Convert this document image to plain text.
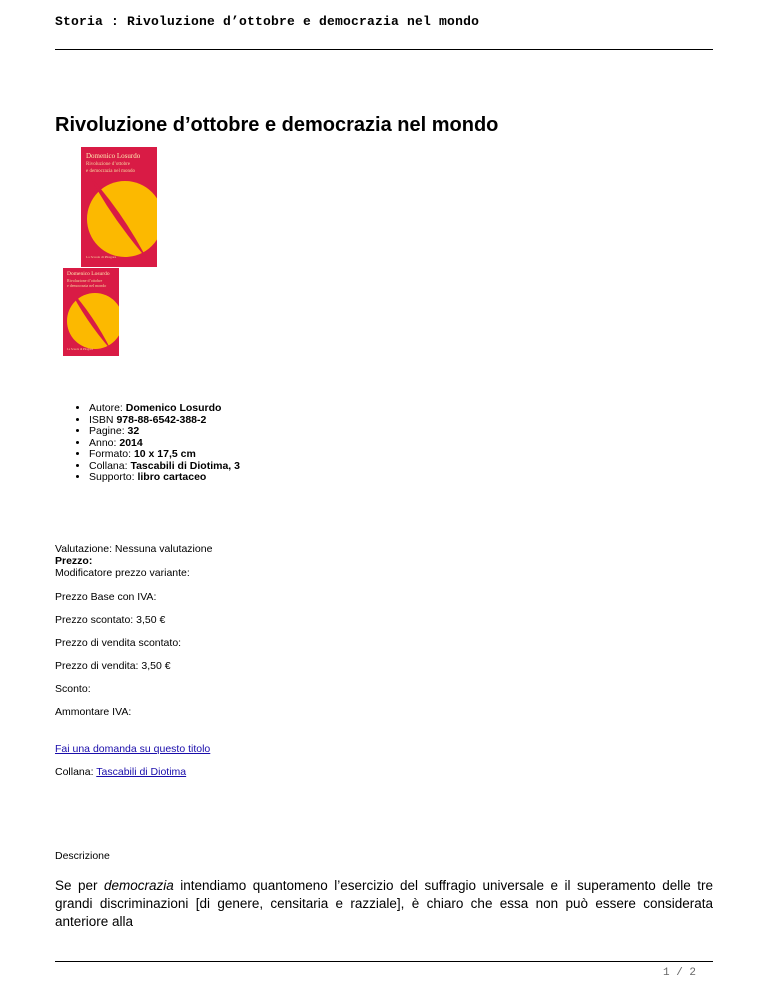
Storia : Rivoluzione d’ottobre e democrazia nel mondo
Rivoluzione d’ottobre e democrazia nel mondo
Domenico Losurdo
Rivoluzione d’ottobre
e democrazia nel mondo
La Scuola di Pitagora
Domenico Losurdo
Rivoluzione d’ottobre
e democrazia nel mondo
La Scuola di Pitagora
• Autore: Domenico Losurdo
• ISBN 978-88-6542-388-2
• Pagine: 32
• Anno: 2014
• Formato: 10 x 17,5 cm
• Collana: Tascabili di Diotima, 3
• Supporto: libro cartaceo
Valutazione: Nessuna valutazione
Prezzo:
Modificatore prezzo variante:
Prezzo Base con IVA:
Prezzo scontato: 3,50 €
Prezzo di vendita scontato:
Prezzo di vendita: 3,50 €
Sconto:
Ammontare IVA:
Fai una domanda su questo titolo
Collana: Tascabili di Diotima
Descrizione

Se per democrazia intendiamo quantomeno l’esercizio del suffragio universale e il superamento delle tre grandi discriminazioni [di genere, censitaria e razziale], è chiaro che essa non può essere considerata anteriore alla

1 / 2
